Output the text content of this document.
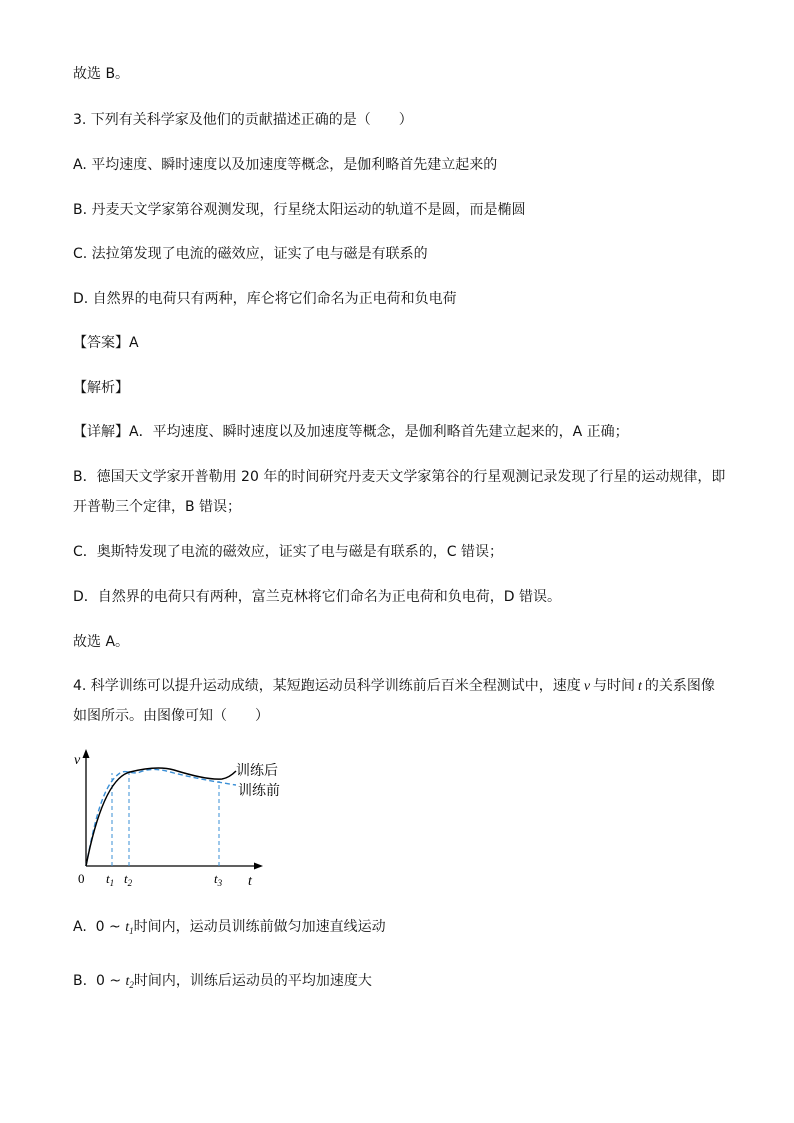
故选 B。
3. 下列有关科学家及他们的贡献描述正确的是（　　）
A. 平均速度、瞬时速度以及加速度等概念，是伽利略首先建立起来的
B. 丹麦天文学家第谷观测发现，行星绕太阳运动的轨道不是圆，而是椭圆
C. 法拉第发现了电流的磁效应，证实了电与磁是有联系的
D. 自然界的电荷只有两种，库仑将它们命名为正电荷和负电荷
【答案】A
【解析】
【详解】A．平均速度、瞬时速度以及加速度等概念，是伽利略首先建立起来的，A 正确；
B．德国天文学家开普勒用 20 年的时间研究丹麦天文学家第谷的行星观测记录发现了行星的运动规律，即
开普勒三个定律，B 错误；
C．奥斯特发现了电流的磁效应，证实了电与磁是有联系的，C 错误；
D．自然界的电荷只有两种，富兰克林将它们命名为正电荷和负电荷，D 错误。
故选 A。
4. 科学训练可以提升运动成绩，某短跑运动员科学训练前后百米全程测试中，速度 v 与时间 t 的关系图像
如图所示。由图像可知（　　）
v
t
0 $t_1$ $t_2$	$t_3$
训练后
训练前
A.  0 ~ $t_1$时间内，运动员训练前做匀加速直线运动
B.  0 ~ $t_2$时间内，训练后运动员的平均加速度大
